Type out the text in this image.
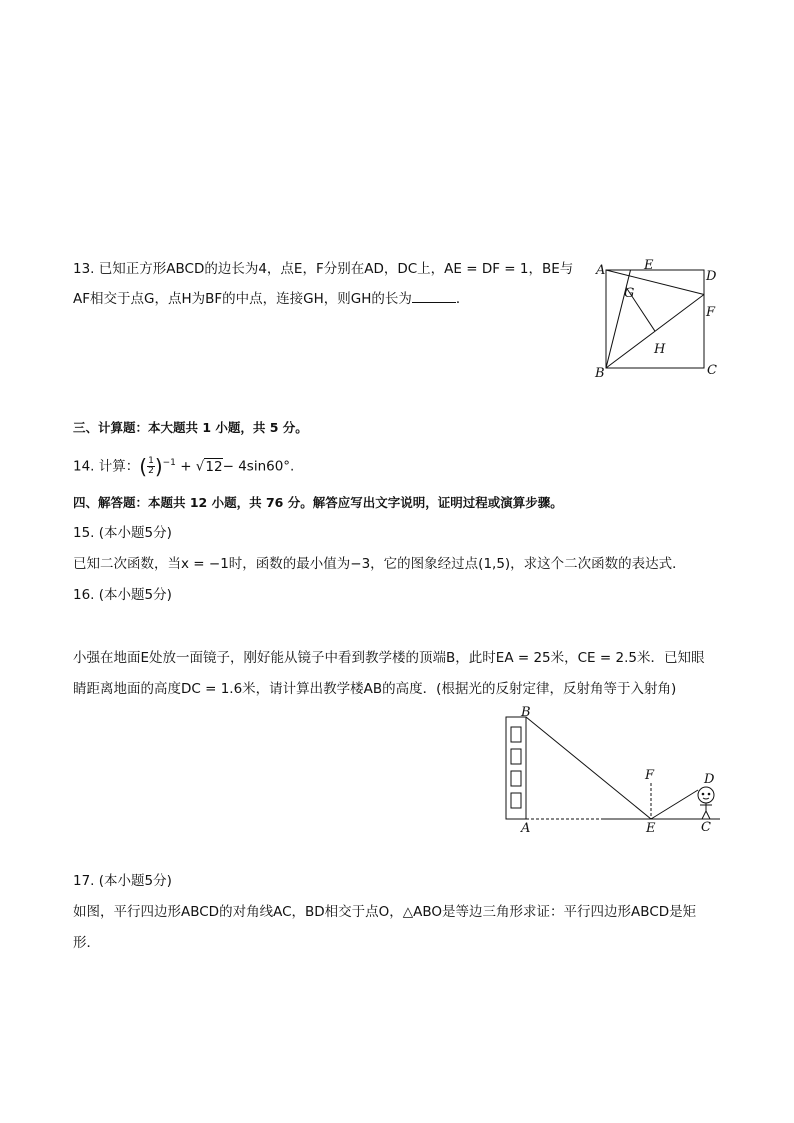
13. 已知正方形ABCD的边长为4，点E，F分别在AD，DC上，AE = DF = 1，BE与
AF相交于点G，点H为BF的中点，连接GH，则GH的长为	．
A	E
D
G
F
H
B	C
三、计算题：本大题共 1 小题，共 5 分。
14. 计算：( $\frac{1}{2} )^{-1} + √12- 4\sin 60^\circ$.
四、解答题：本题共 12 小题，共 76 分。解答应写出文字说明，证明过程或演算步骤。
15. (本小题5分)
已知二次函数，当x = −1时，函数的最小值为−3，它的图象经过点(1,5)，求这个二次函数的表达式．
16. (本小题5分)
小强在地面E处放一面镜子，刚好能从镜子中看到教学楼的顶端B，此时EA = 25米，CE = 2.5米．已知眼
睛距离地面的高度DC = 1.6米，请计算出教学楼AB的高度．(根据光的反射定律，反射角等于入射角)
B
F	D
A	E	C
17. (本小题5分)
如图，平行四边形ABCD的对角线AC，BD相交于点O，△ABO是等边三角形求证：平行四边形ABCD是矩
形．
